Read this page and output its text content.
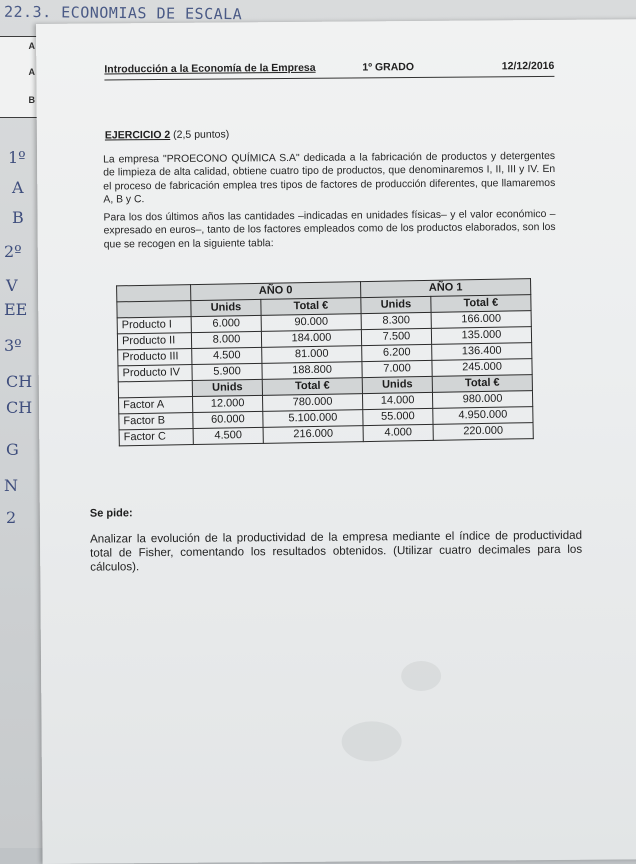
22.3. ECONOMIAS DE ESCALA
A
A
B
1º
A
B
2º
V
EE
3º
CH
CH
G
N
2
Introducción a la Economía de la Empresa	1º GRADO	12/12/2016
EJERCICIO 2 (2,5 puntos)
La empresa "PROECONO QUÍMICA S.A" dedicada a la fabricación de productos y detergentes de limpieza de alta calidad, obtiene cuatro tipo de productos, que denominaremos I, II, III y IV. En el proceso de fabricación emplea tres tipos de factores de producción diferentes, que llamaremos A, B y C.
Para los dos últimos años las cantidades –indicadas en unidades físicas– y el valor económico –expresado en euros–, tanto de los factores empleados como de los productos elaborados, son los que se recogen en la siguiente tabla:
	AÑO 0		AÑO 1	
	Unids	Total €	Unids	Total €
Producto I	6.000	90.000	8.300	166.000
Producto II	8.000	184.000	7.500	135.000
Producto III	4.500	81.000	6.200	136.400
Producto IV	5.900	188.800	7.000	245.000
	Unids	Total €	Unids	Total €
Factor A	12.000	780.000	14.000	980.000
Factor B	60.000	5.100.000	55.000	4.950.000
Factor C	4.500	216.000	4.000	220.000
Se pide:
Analizar la evolución de la productividad de la empresa mediante el índice de productividad total de Fisher, comentando los resultados obtenidos. (Utilizar cuatro decimales para los cálculos).
